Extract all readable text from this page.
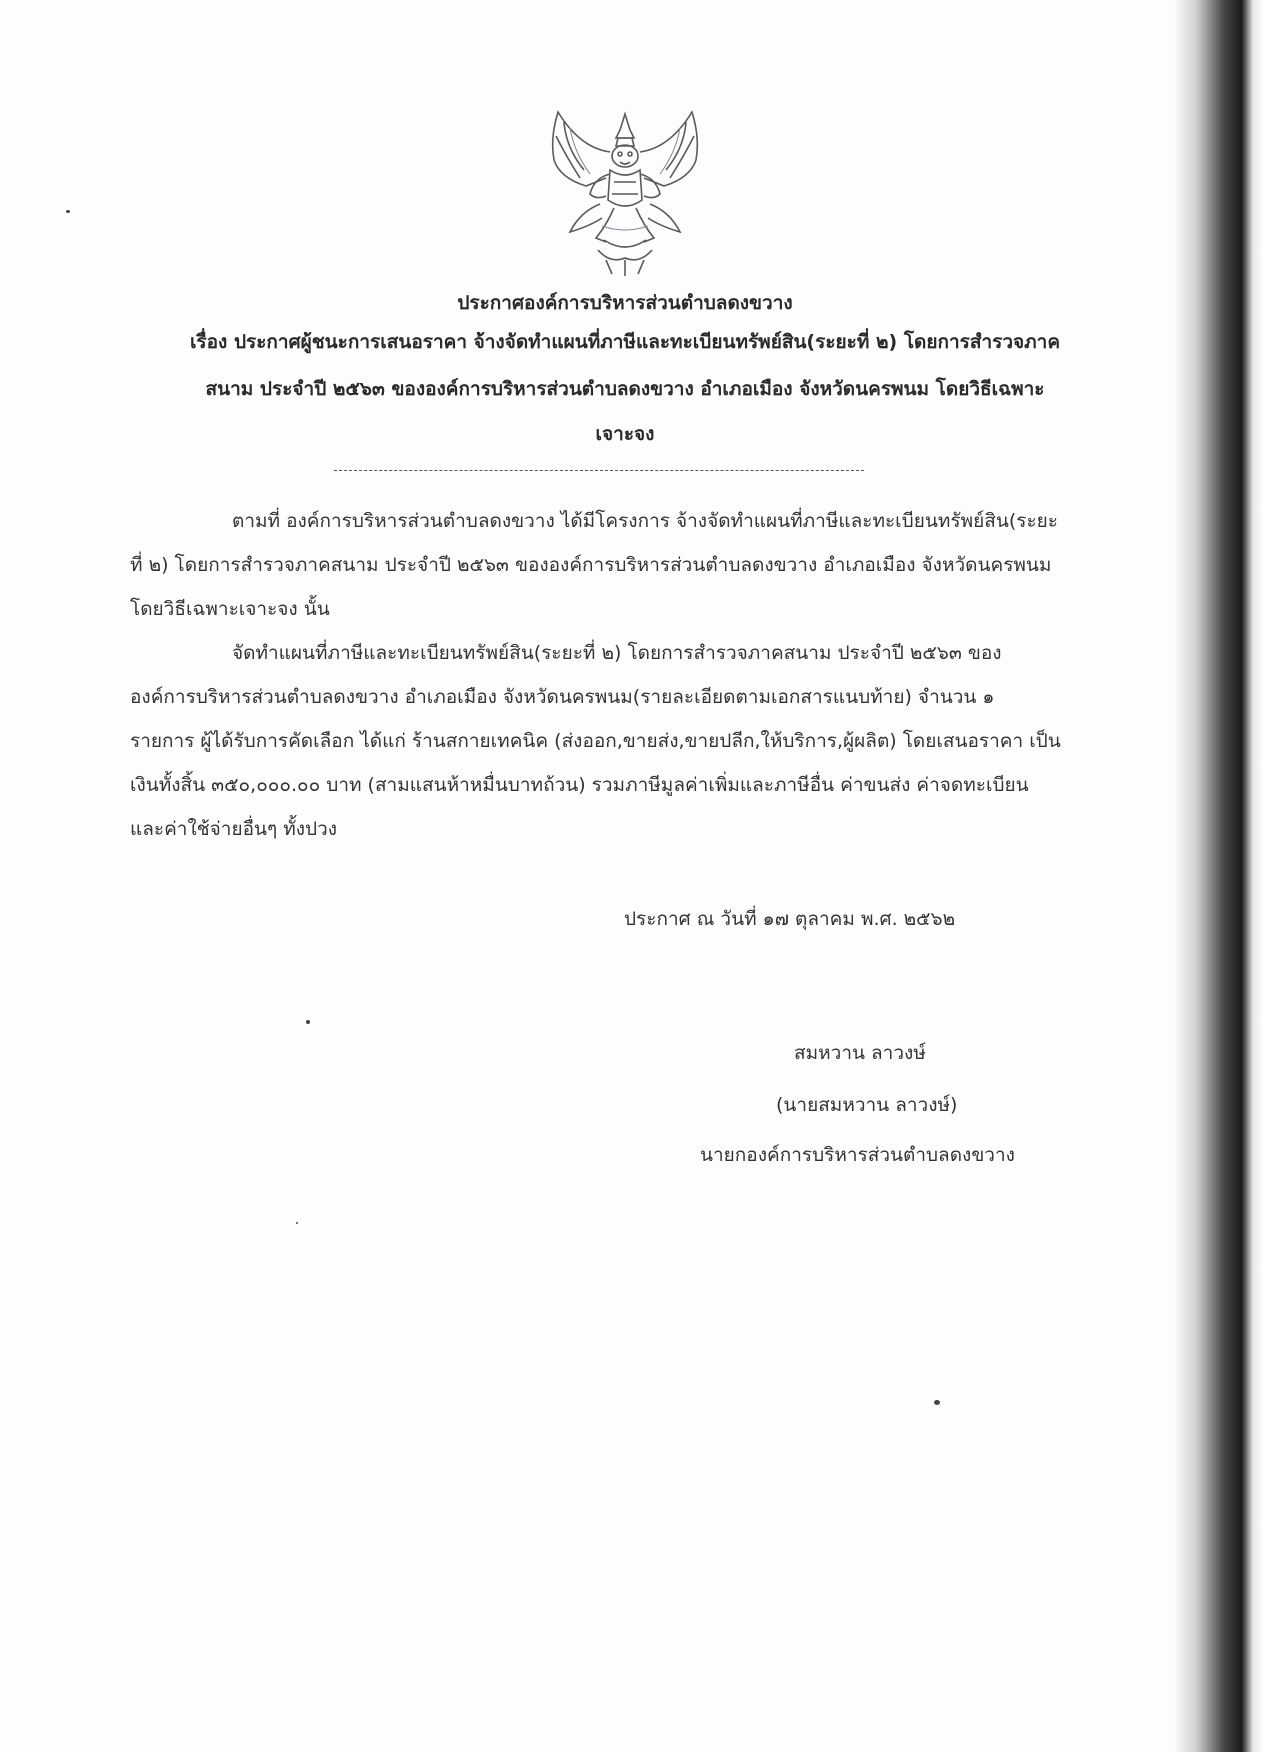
ประกาศองค์การบริหารส่วนตำบลดงขวาง
เรื่อง ประกาศผู้ชนะการเสนอราคา จ้างจัดทำแผนที่ภาษีและทะเบียนทรัพย์สิน(ระยะที่ ๒) โดยการสำรวจภาค
สนาม ประจำปี ๒๕๖๓ ขององค์การบริหารส่วนตำบลดงขวาง อำเภอเมือง จังหวัดนครพนม โดยวิธีเฉพาะ
เจาะจง
ตามที่ องค์การบริหารส่วนตำบลดงขวาง ได้มีโครงการ จ้างจัดทำแผนที่ภาษีและทะเบียนทรัพย์สิน(ระยะ
ที่ ๒) โดยการสำรวจภาคสนาม ประจำปี ๒๕๖๓ ขององค์การบริหารส่วนตำบลดงขวาง อำเภอเมือง จังหวัดนครพนม
โดยวิธีเฉพาะเจาะจง นั้น
จัดทำแผนที่ภาษีและทะเบียนทรัพย์สิน(ระยะที่ ๒) โดยการสำรวจภาคสนาม ประจำปี ๒๕๖๓ ของ
องค์การบริหารส่วนตำบลดงขวาง อำเภอเมือง จังหวัดนครพนม(รายละเอียดตามเอกสารแนบท้าย) จำนวน ๑
รายการ ผู้ได้รับการคัดเลือก ได้แก่ ร้านสกายเทคนิค (ส่งออก,ขายส่ง,ขายปลีก,ให้บริการ,ผู้ผลิต) โดยเสนอราคา เป็น
เงินทั้งสิ้น ๓๕๐,๐๐๐.๐๐ บาท (สามแสนห้าหมื่นบาทถ้วน) รวมภาษีมูลค่าเพิ่มและภาษีอื่น ค่าขนส่ง ค่าจดทะเบียน
และค่าใช้จ่ายอื่นๆ ทั้งปวง
ประกาศ ณ วันที่ ๑๗ ตุลาคม พ.ศ. ๒๕๖๒
สมหวาน ลาวงษ์
(นายสมหวาน ลาวงษ์)
นายกองค์การบริหารส่วนตำบลดงขวาง
